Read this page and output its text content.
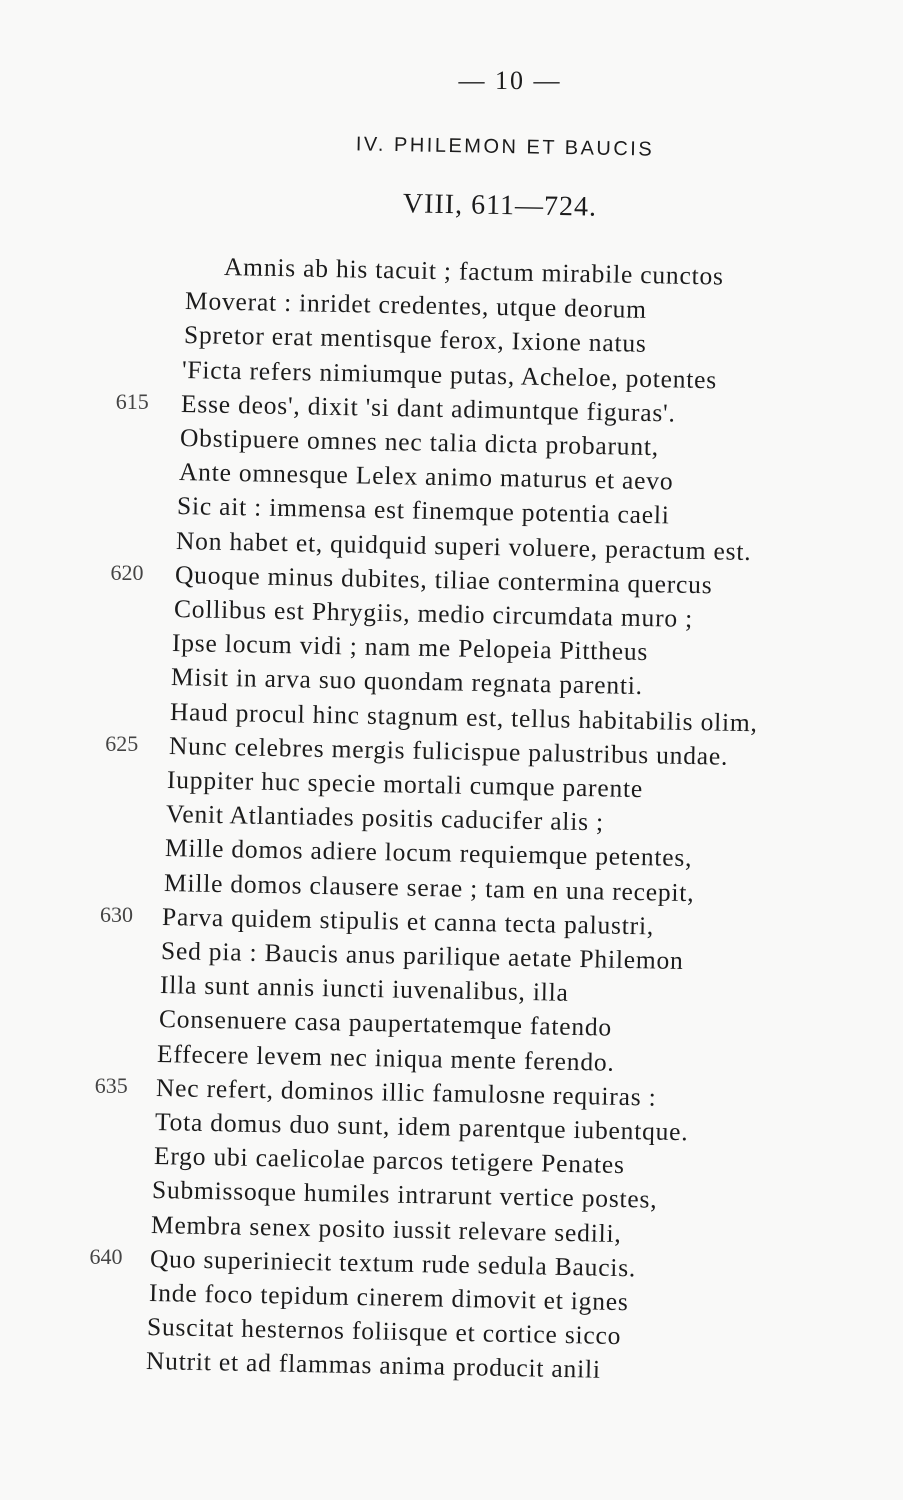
— 10 —
IV. PHILEMON ET BAUCIS
VIII, 611—724.
Amnis ab his tacuit ; factum mirabile cunctos
Moverat : inridet credentes, utque deorum
Spretor erat mentisque ferox, Ixione natus
'Ficta refers nimiumque putas, Acheloe, potentes
Esse deos', dixit 'si dant adimuntque figuras'.
615
Obstipuere omnes nec talia dicta probarunt,
Ante omnesque Lelex animo maturus et aevo
Sic ait : immensa est finemque potentia caeli
Non habet et, quidquid superi voluere, peractum est.
Quoque minus dubites, tiliae contermina quercus
620
Collibus est Phrygiis, medio circumdata muro ;
Ipse locum vidi ; nam me Pelopeia Pittheus
Misit in arva suo quondam regnata parenti.
Haud procul hinc stagnum est, tellus habitabilis olim,
Nunc celebres mergis fulicispue palustribus undae.
625
Iuppiter huc specie mortali cumque parente
Venit Atlantiades positis caducifer alis ;
Mille domos adiere locum requiemque petentes,
Mille domos clausere serae ; tam en una recepit,
Parva quidem stipulis et canna tecta palustri,
630
Sed pia : Baucis anus parilique aetate Philemon
Illa sunt annis iuncti iuvenalibus, illa
Consenuere casa paupertatemque fatendo
Effecere levem nec iniqua mente ferendo.
Nec refert, dominos illic famulosne requiras :
635
Tota domus duo sunt, idem parentque iubentque.
Ergo ubi caelicolae parcos tetigere Penates
Submissoque humiles intrarunt vertice postes,
Membra senex posito iussit relevare sedili,
Quo superiniecit textum rude sedula Baucis.
640
Inde foco tepidum cinerem dimovit et ignes
Suscitat hesternos foliisque et cortice sicco
Nutrit et ad flammas anima producit anili
